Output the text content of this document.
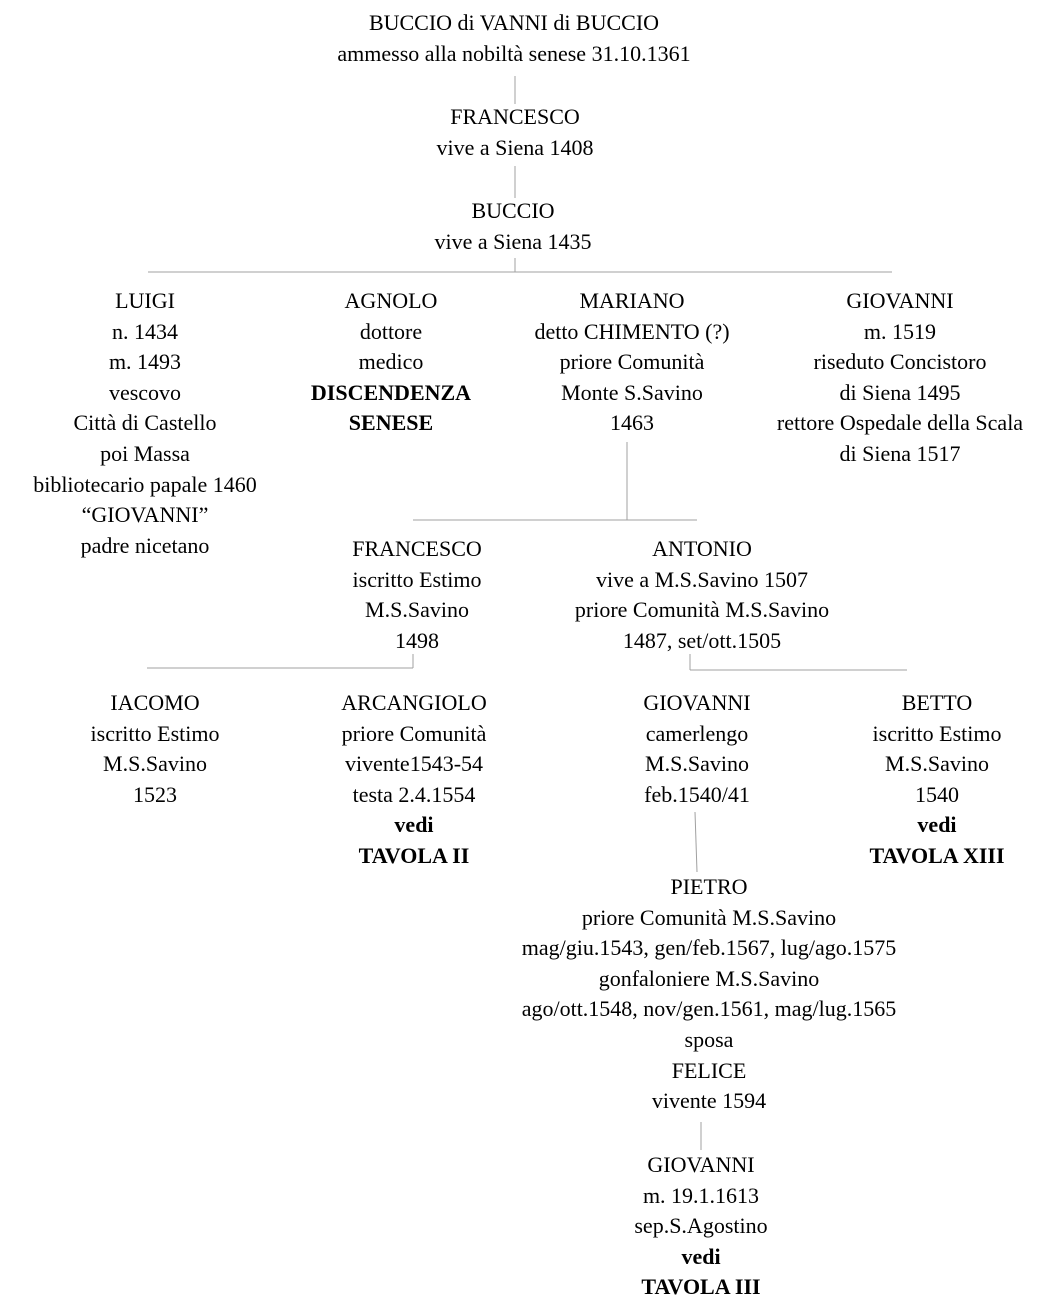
BUCCIO di VANNI di BUCCIO
ammesso alla nobiltà senese 31.10.1361
FRANCESCO
vive a Siena 1408
BUCCIO
vive a Siena 1435
LUIGI
n. 1434
m. 1493
vescovo
Città di Castello
poi Massa
bibliotecario papale 1460
“GIOVANNI”
padre nicetano
AGNOLO
dottore
medico
DISCENDENZA
SENESE
MARIANO
detto CHIMENTO (?)
priore Comunità
Monte S.Savino
1463
GIOVANNI
m. 1519
riseduto Concistoro
di Siena 1495
rettore Ospedale della Scala
di Siena 1517
FRANCESCO
iscritto Estimo
M.S.Savino
1498
ANTONIO
vive a M.S.Savino 1507
priore Comunità M.S.Savino
1487, set/ott.1505
IACOMO
iscritto Estimo
M.S.Savino
1523
ARCANGIOLO
priore Comunità
vivente1543-54
testa 2.4.1554
vedi
TAVOLA II
GIOVANNI
camerlengo
M.S.Savino
feb.1540/41
BETTO
iscritto Estimo
M.S.Savino
1540
vedi
TAVOLA XIII
PIETRO
priore Comunità M.S.Savino
mag/giu.1543, gen/feb.1567, lug/ago.1575
gonfaloniere M.S.Savino
ago/ott.1548, nov/gen.1561, mag/lug.1565
sposa
FELICE
vivente 1594
GIOVANNI
m. 19.1.1613
sep.S.Agostino
vedi
TAVOLA III
